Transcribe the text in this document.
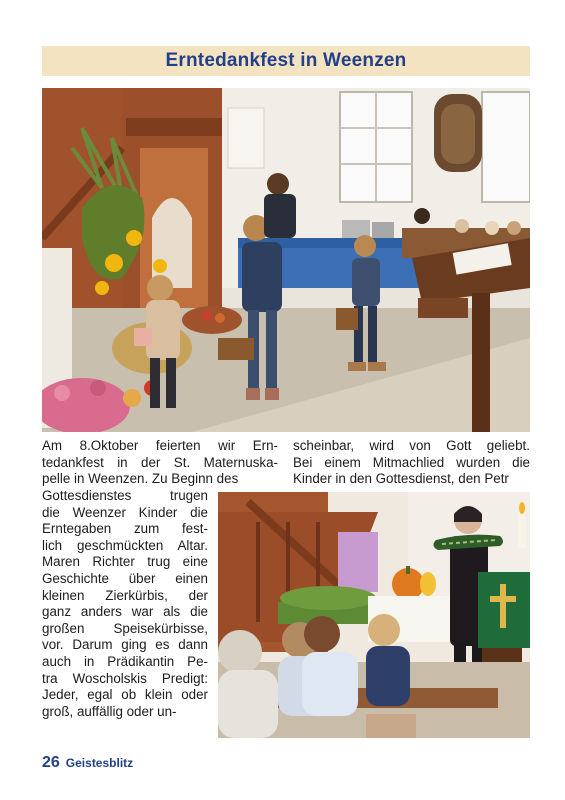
Erntedankfest in Weenzen
Am 8.Oktober feierten wir Ern-
tedankfest in der St. Maternuska-
pelle in Weenzen. Zu Beginn des
Gottesdienstes trugen
die Weenzer Kinder die
Erntegaben zum fest-
lich geschmückten Altar.
Maren Richter trug eine
Geschichte über einen
kleinen Zierkürbis, der
ganz anders war als die
großen Speisekürbisse,
vor. Darum ging es dann
auch in Prädikantin Pe-
tra Woscholskis Predigt:
Jeder, egal ob klein oder
groß, auffällig oder un-
scheinbar, wird von Gott geliebt.
Bei einem Mitmachlied wurden die
Kinder in den Gottesdienst, den Petr
26 Geistesblitz
